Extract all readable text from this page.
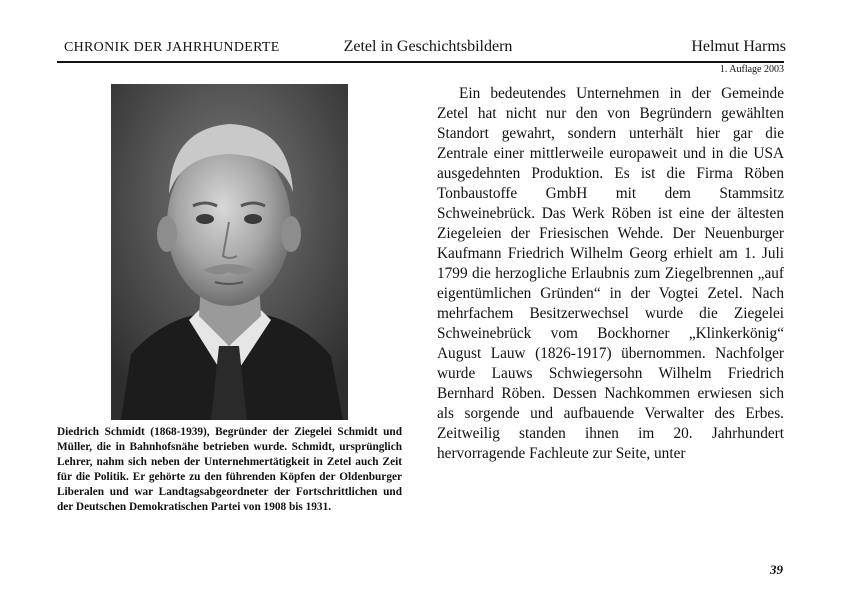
CHRONIK DER JAHRHUNDERTE	Zetel in Geschichtsbildern	Helmut Harms
1. Auflage 2003
Diedrich Schmidt (1868-1939), Begründer der Ziegelei Schmidt und Müller, die in Bahnhofsnähe betrieben wurde. Schmidt, ursprünglich Lehrer, nahm sich neben der Unternehmertätigkeit in Zetel auch Zeit für die Politik. Er gehörte zu den führenden Köpfen der Oldenburger Liberalen und war Landtagsabgeordneter der Fortschrittlichen und der Deutschen Demokratischen Partei von 1908 bis 1931.

Ein bedeutendes Unternehmen in der Gemeinde Zetel hat nicht nur den von Begründern gewählten Standort gewahrt, sondern unterhält hier gar die Zentrale einer mittlerweile europaweit und in die USA ausgedehnten Produktion. Es ist die Firma Röben Tonbaustoffe GmbH mit dem Stammsitz Schweinebrück. Das Werk Röben ist eine der ältesten Ziegeleien der Friesischen Wehde. Der Neuenburger Kaufmann Friedrich Wilhelm Georg erhielt am 1. Juli 1799 die herzogliche Erlaubnis zum Ziegelbrennen „auf eigentümlichen Gründen“ in der Vogtei Zetel. Nach mehrfachem Besitzerwechsel wurde die Ziegelei Schweinebrück vom Bockhorner „Klinkerkönig“ August Lauw (1826-1917) übernommen. Nachfolger wurde Lauws Schwiegersohn Wilhelm Friedrich Bernhard Röben. Dessen Nachkommen erwiesen sich als sorgende und aufbauende Verwalter des Erbes. Zeitweilig standen ihnen im 20. Jahrhundert hervorragende Fachleute zur Seite, unter

39
